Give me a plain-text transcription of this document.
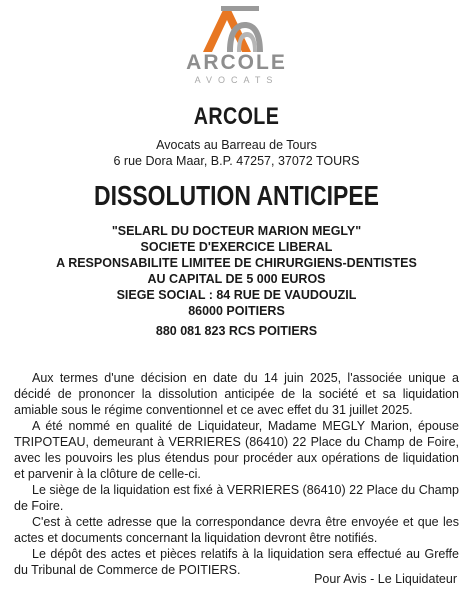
ARCOLE
AVOCATS
ARCOLE
Avocats au Barreau de Tours
6 rue Dora Maar, B.P. 47257, 37072 TOURS
DISSOLUTION ANTICIPEE
"SELARL DU DOCTEUR MARION MEGLY"
SOCIETE D'EXERCICE LIBERAL
A RESPONSABILITE LIMITEE DE CHIRURGIENS-DENTISTES
AU CAPITAL DE 5 000 EUROS
SIEGE SOCIAL : 84 RUE DE VAUDOUZIL
86000 POITIERS
880 081 823 RCS POITIERS

Aux termes d'une décision en date du 14 juin 2025, l'associée unique a décidé de prononcer la dissolution anticipée de la société et sa liquidation amiable sous le régime conventionnel et ce avec effet du 31 juillet 2025.

A été nommé en qualité de Liquidateur, Madame MEGLY Marion, épouse TRIPOTEAU, demeurant à VERRIERES (86410) 22 Place du Champ de Foire, avec les pouvoirs les plus étendus pour procéder aux opérations de liquidation et parvenir à la clôture de celle-ci.

Le siège de la liquidation est fixé à VERRIERES (86410) 22 Place du Champ de Foire.

C'est à cette adresse que la correspondance devra être envoyée et que les actes et documents concernant la liquidation devront être notifiés.

Le dépôt des actes et pièces relatifs à la liquidation sera effectué au Greffe du Tribunal de Commerce de POITIERS.

Pour Avis - Le Liquidateur
